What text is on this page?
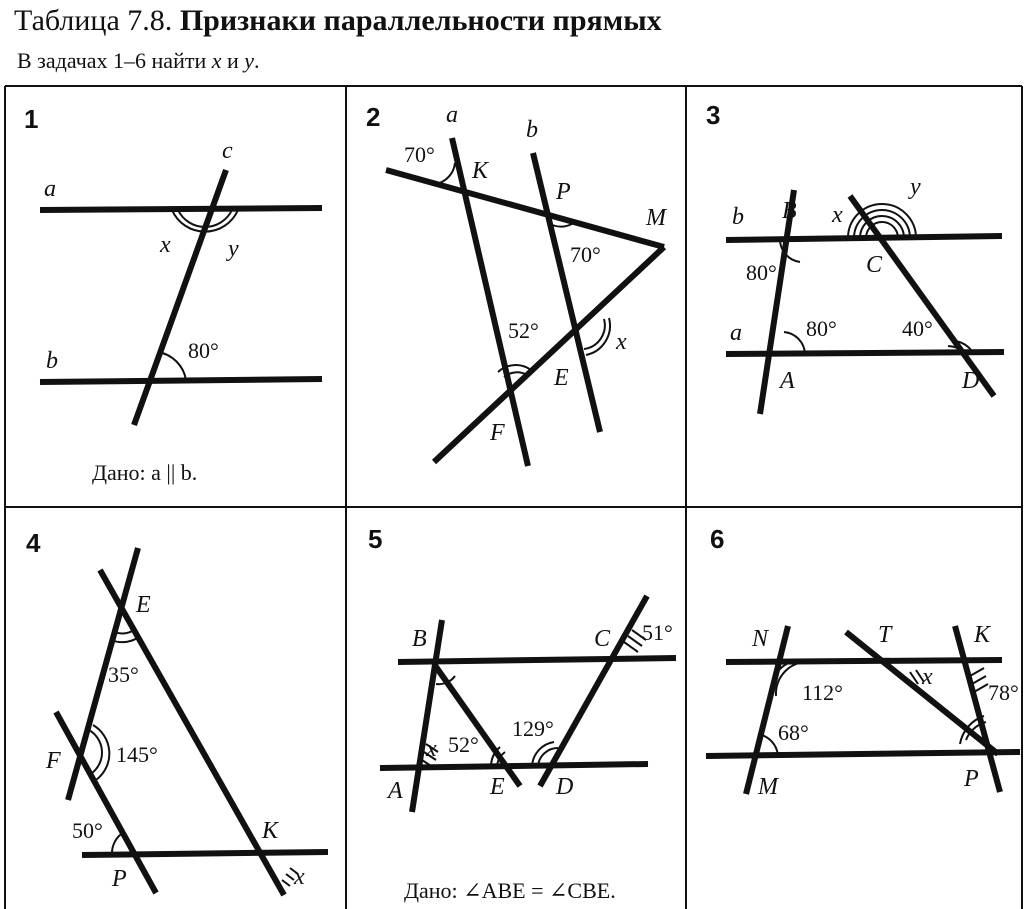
Таблица 7.8. Признаки параллельности прямых
В задачах 1–6 найти x и y.
1
a
b
c
x y
80°
Дано: a || b.
2	a
b
K
P
M
E
F
x
70°
70°
52°
3
b
a
B x
y
C
A	D
80°
80°	40°
4
E
F
K
P	x
35°
145°
50°
5
B	C
A	E D
x
51°
52°
129°
Дано: ∠ABE = ∠CBE.
6
N	T	K
M	P
x
112°
68°
78°
